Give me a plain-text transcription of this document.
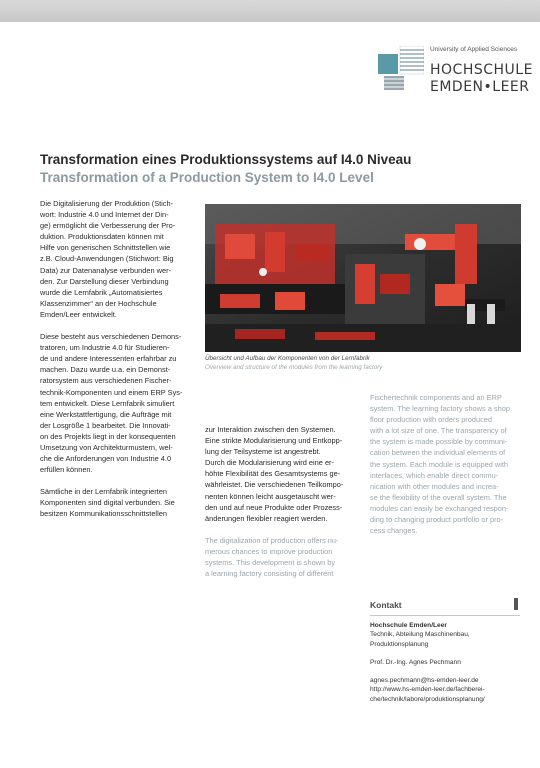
University of Applied Sciences
HOCHSCHULE
EMDEN•LEER
Transformation eines Produktionssystems auf I4.0 Niveau
Transformation of a Production System to I4.0 Level

Die Digitalisierung der Produktion (Stich-
wort: Industrie 4.0 und Internet der Din-
ge) ermöglicht die Verbesserung der Pro-
duktion. Produktionsdaten können mit
Hilfe von generischen Schnittstellen wie
z.B. Cloud-Anwendungen (Stichwort: Big
Data) zur Datenanalyse verbunden wer-
den. Zur Darstellung dieser Verbindung
wurde die Lernfabrik „Automatisiertes
Klassenzimmer“ an der Hochschule
Emden/Leer entwickelt.

Diese besteht aus verschiedenen Demons-
tratoren, um Industrie 4.0 für Studieren-
de und andere Interessenten erfahrbar zu
machen. Dazu wurde u.a. ein Demonst-
ratorsystem aus verschiedenen Fischer-
technik-Komponenten und einem ERP Sys-
tem entwickelt. Diese Lernfabrik simuliert
eine Werkstattfertigung, die Aufträge mit
der Losgröße 1 bearbeitet. Die Innovati-
on des Projekts liegt in der konsequenten
Umsetzung von Architekturmustern, wel-
che die Anforderungen von Industrie 4.0
erfüllen können.

Sämtliche in der Lernfabrik integrierten
Komponenten sind digital verbunden. Sie
besitzen Kommunikationsschnittstellen

Übersicht und Aufbau der Komponenten von der Lernfabrik
Overview and structure of the modules from the learning factory

zur Interaktion zwischen den Systemen.
Eine strikte Modularisierung und Entkopp-
lung der Teilsysteme ist angestrebt.
Durch die Modularisierung wird eine er-
höhte Flexibilität des Gesamtsystems ge-
währleistet. Die verschiedenen Teilkompo-
nenten können leicht ausgetauscht wer-
den und auf neue Produkte oder Prozess-
änderungen flexibler reagiert werden.

The digitalization of production offers nu-
merous chances to improve production
systems. This development is shown by
a learning factory consisting of different

Fischertechnik components and an ERP
system. The learning factory shows a shop
floor production with orders produced
with a lot size of one. The transparency of
the system is made possible by communi-
cation between the individual elements of
the system. Each module is equipped with
interfaces, which enable direct commu-
nication with other modules and increa-
se the flexibility of the overall system. The
modules can easily be exchanged respon-
ding to changing product portfolio or pro-
cess changes.

Kontakt
Hochschule Emden/Leer
Technik, Abteilung Maschinenbau,

Produktionsplanung

Prof. Dr.-Ing. Agnes Pechmann

agnes.pechmann@hs-emden-leer.de
http://www.hs-emden-leer.de/fachberei-
che/technik/labore/produktionsplanung/
